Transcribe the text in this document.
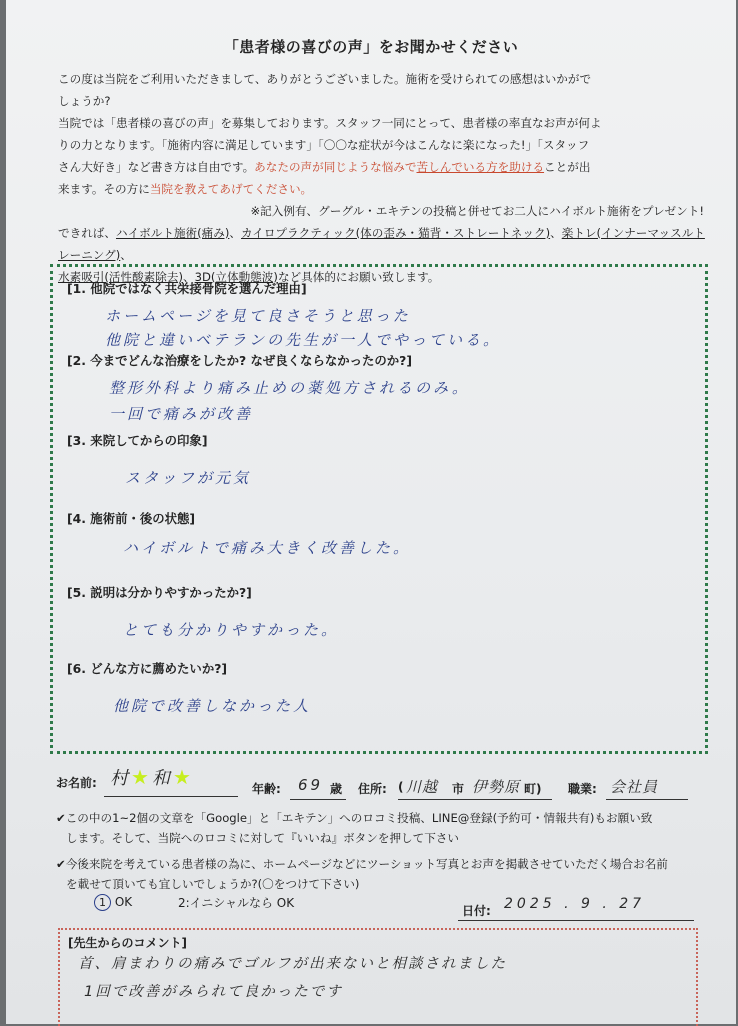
「患者様の喜びの声」をお聞かせください

この度は当院をご利用いただきまして、ありがとうございました。施術を受けられての感想はいかがで

しょうか?

当院では「患者様の喜びの声」を募集しております。スタッフ一同にとって、患者様の率直なお声が何よ

りの力となります。「施術内容に満足しています」「〇〇な症状が今はこんなに楽になった!」「スタッフ

さん大好き」など書き方は自由です。あなたの声が同じような悩みで苦しんでいる方を助けることが出

来ます。その方に当院を教えてあげてください。

※記入例有、グーグル・エキテンの投稿と併せてお二人にハイボルト施術をプレゼント!

できれば、ハイボルト施術(痛み)、カイロプラクティック(体の歪み・猫背・ストレートネック)、楽トレ(インナーマッスルトレーニング)、

水素吸引(活性酸素除去)、3D(立体動態波)など具体的にお願い致します。

[1. 他院ではなく共栄接骨院を選んだ理由]
ホームページを見て良さそうと思った
他院と違いベテランの先生が一人でやっている。
[2. 今までどんな治療をしたか? なぜ良くならなかったのか?]
整形外科より痛み止めの薬処方されるのみ。
一回で痛みが改善
[3. 来院してからの印象]
スタッフが元気
[4. 施術前・後の状態]
ハイボルトで痛み大きく改善した。
[5. 説明は分かりやすかったか?]
とても分かりやすかった。
[6. どんな方に薦めたいか?]
他院で改善しなかった人
お名前: 村★和★	年齢: 69 歳 住所: ( 川越 市 伊勢原 町) 職業: 会社員

✔この中の1~2個の文章を「Google」と「エキテン」へのロコミ投稿、LINE@登録(予約可・情報共有)もお願い致

します。そして、当院へのロコミに対して『いいね』ボタンを押して下さい

✔今後来院を考えている患者様の為に、ホームページなどにツーショット写真とお声を掲載させていただく場合お名前

を載せて頂いても宜しいでしょうか?(〇をつけて下さい)

1 OK	2:イニシャルなら OK
日付: 2025 . 9 . 27
[先生からのコメント]
首、肩まわりの痛みでゴルフが出来ないと相談されました
1回で改善がみられて良かったです
